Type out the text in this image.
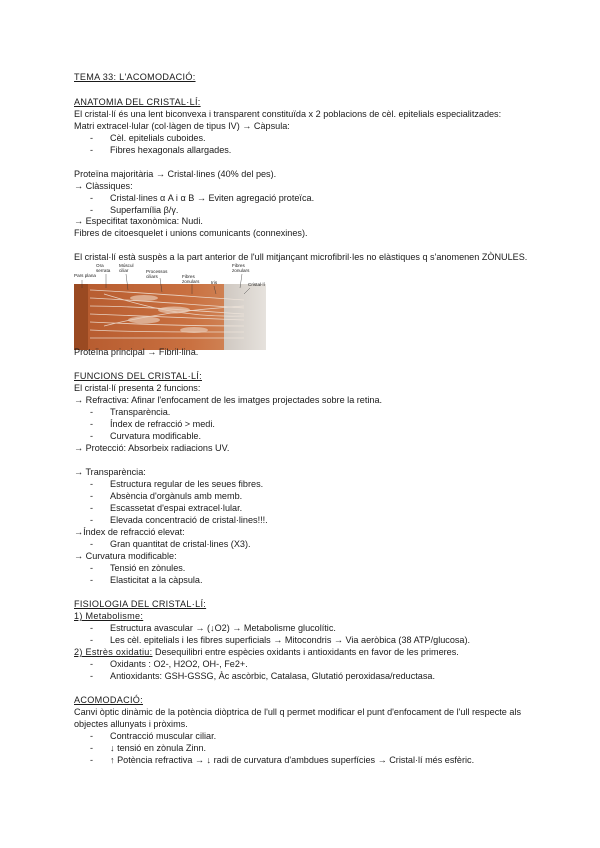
TEMA 33: L'ACOMODACIÓ:
ANATOMIA DEL CRISTAL·LÍ:
El cristal·lí és una lent biconvexa i transparent constituïda x 2 poblacions de cèl. epitelials especialitzades:
Matri extracel·lular (col·làgen de tipus IV) → Càpsula:
- Cèl. epitelials cuboides.
- Fibres hexagonals allargades.
Proteïna majoritària → Cristal·lines (40% del pes).
→ Clàssiques:
- Cristal·lines α A i α B → Eviten agregació proteïca.
- Superfamília β/γ.
→ Especifitat taxonòmica: Nudi.
Fibres de citoesquelet i unions comunicants (connexines).
El cristal·lí està suspès a la part anterior de l'ull mitjançant microfibril·les no elàstiques q s'anomenen ZÒNULES.
Pars plana
Ora serrata
Múscul ciliar	Processos ciliars	Fibres zonulars	Iris
Fibres zonulars
Cristal·lí
Proteïna principal → Fibril·lina.
FUNCIONS DEL CRISTAL·LÍ:
El cristal·lí presenta 2 funcions:
→ Refractiva: Afinar l'enfocament de les imatges projectades sobre la retina.
- Transparència.
- Índex de refracció > medi.
- Curvatura modificable.
→ Protecció: Absorbeix radiacions UV.
→ Transparència:
- Estructura regular de les seues fibres.
- Absència d'orgànuls amb memb.
- Escassetat d'espai extracel·lular.
- Elevada concentració de cristal·lines!!!.
→Índex de refracció elevat:
- Gran quantitat de cristal·lines (X3).
→ Curvatura modificable:
- Tensió en zònules.
- Elasticitat a la càpsula.
FISIOLOGIA DEL CRISTAL·LÍ:
1) Metabolisme:
- Estructura avascular → (↓O2) → Metabolisme glucolític.
- Les cèl. epitelials i les fibres superficials → Mitocondris → Via aeròbica (38 ATP/glucosa).
2) Estrès oxidatiu: Desequilibri entre espècies oxidants i antioxidants en favor de les primeres.
- Oxidants : O2-, H2O2, OH-, Fe2+.
- Antioxidants: GSH-GSSG, Àc ascòrbic, Catalasa, Glutatió peroxidasa/reductasa.
ACOMODACIÓ:
Canvi òptic dinàmic de la potència diòptrica de l'ull q permet modificar el punt d'enfocament de l'ull respecte als
objectes allunyats i pròxims.
- Contracció muscular ciliar.
- ↓ tensió en zònula Zinn.
- ↑ Potència refractiva → ↓ radi de curvatura d'ambdues superfícies → Cristal·lí més esfèric.
